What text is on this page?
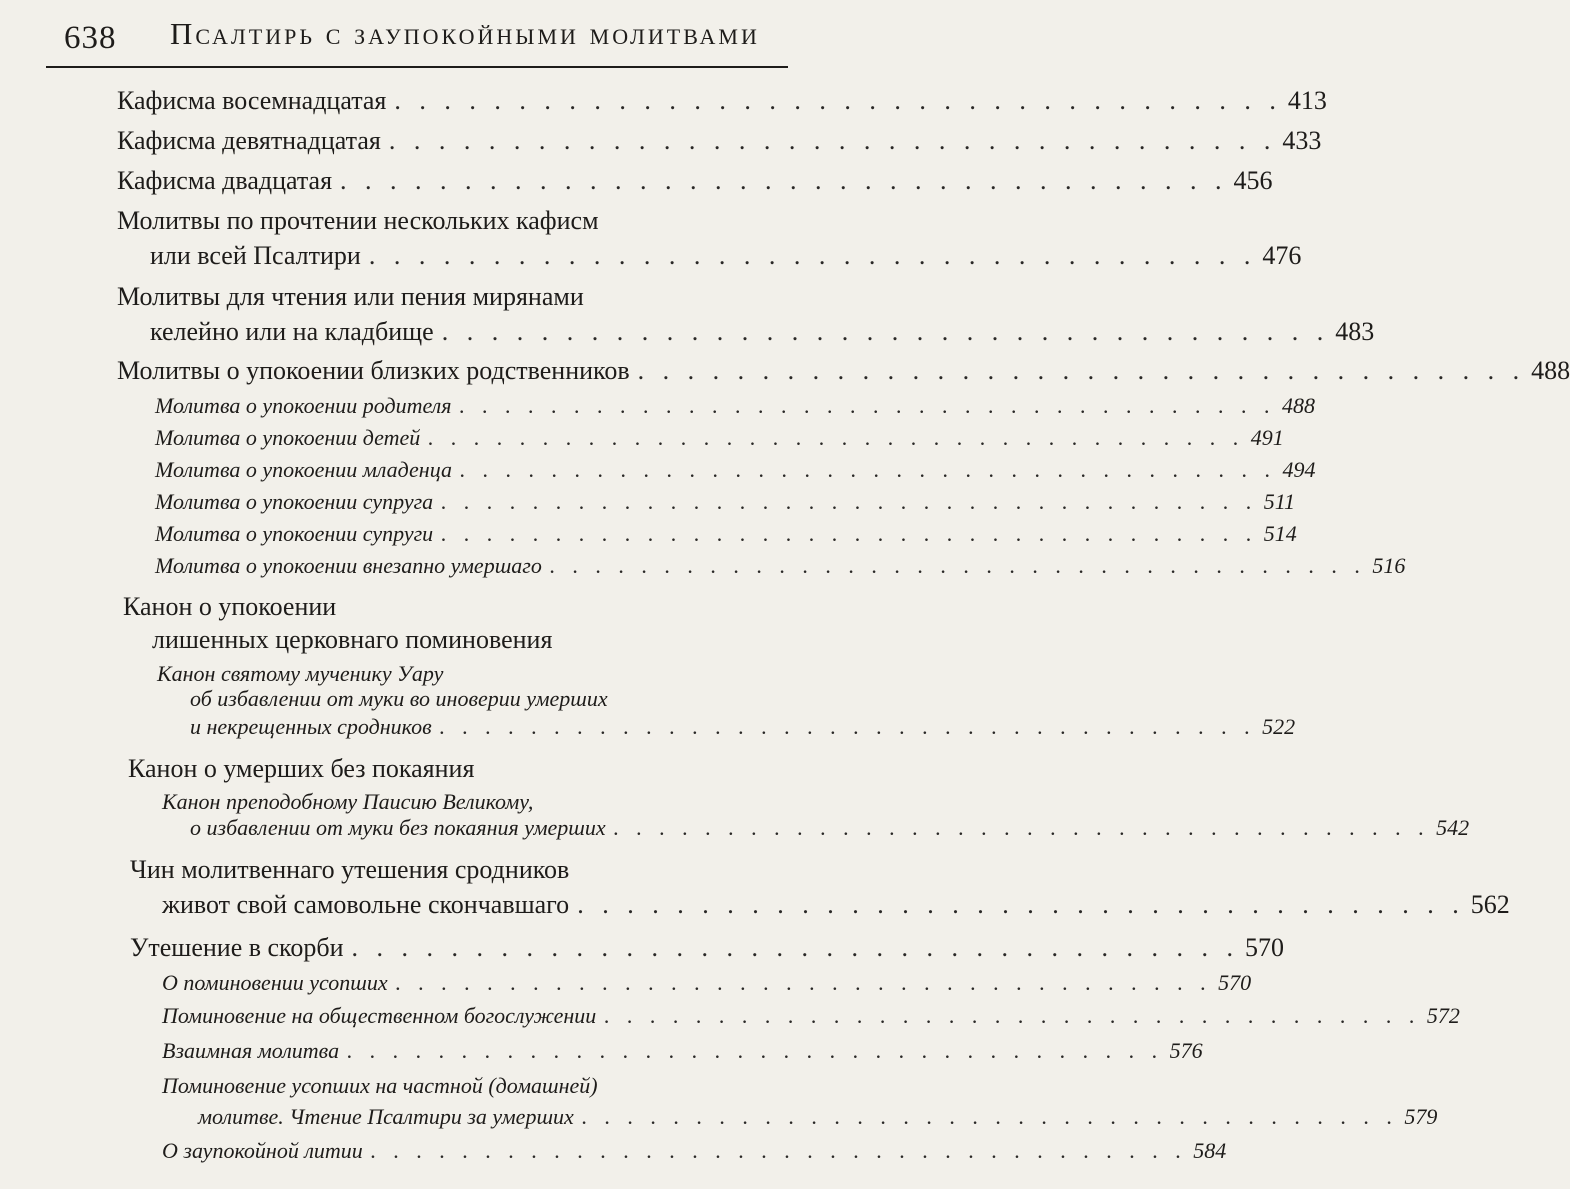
638 Псалтирь с заупокойными молитвами
Кафисма восемнадцатая . . . . . . . . . . . . . . . . . . . . . . . . . . . . . . . . . . . . 413
Кафисма девятнадцатая . . . . . . . . . . . . . . . . . . . . . . . . . . . . . . . . . . . . 433
Кафисма двадцатая . . . . . . . . . . . . . . . . . . . . . . . . . . . . . . . . . . . . 456
Молитвы по прочтении нескольких кафисм
или всей Псалтири . . . . . . . . . . . . . . . . . . . . . . . . . . . . . . . . . . . . 476
Молитвы для чтения или пения мирянами
келейно или на кладбище . . . . . . . . . . . . . . . . . . . . . . . . . . . . . . . . . . . . 483
Молитвы о упокоении близких родственников . . . . . . . . . . . . . . . . . . . . . . . . . . . . . . . . . . . . 488
Молитва о упокоении родителя . . . . . . . . . . . . . . . . . . . . . . . . . . . . . . . . . . . . 488
Молитва о упокоении детей . . . . . . . . . . . . . . . . . . . . . . . . . . . . . . . . . . . . 491
Молитва о упокоении младенца . . . . . . . . . . . . . . . . . . . . . . . . . . . . . . . . . . . . 494
Молитва о упокоении супруга . . . . . . . . . . . . . . . . . . . . . . . . . . . . . . . . . . . . 511
Молитва о упокоении супруги . . . . . . . . . . . . . . . . . . . . . . . . . . . . . . . . . . . . 514
Молитва о упокоении внезапно умершаго . . . . . . . . . . . . . . . . . . . . . . . . . . . . . . . . . . . . 516
Канон о упокоении
лишенных церковнаго поминовения
Канон святому мученику Уару
об избавлении от муки во иноверии умерших
и некрещенных сродников . . . . . . . . . . . . . . . . . . . . . . . . . . . . . . . . . . . . 522
Канон о умерших без покаяния
Канон преподобному Паисию Великому,
о избавлении от муки без покаяния умерших . . . . . . . . . . . . . . . . . . . . . . . . . . . . . . . . . . . . 542
Чин молитвеннаго утешения сродников
живот свой самовольне скончавшаго . . . . . . . . . . . . . . . . . . . . . . . . . . . . . . . . . . . . 562
Утешение в скорби . . . . . . . . . . . . . . . . . . . . . . . . . . . . . . . . . . . . 570
О поминовении усопших . . . . . . . . . . . . . . . . . . . . . . . . . . . . . . . . . . . . 570
Поминовение на общественном богослужении . . . . . . . . . . . . . . . . . . . . . . . . . . . . . . . . . . . . 572
Взаимная молитва . . . . . . . . . . . . . . . . . . . . . . . . . . . . . . . . . . . . 576
Поминовение усопших на частной (домашней)
молитве. Чтение Псалтири за умерших . . . . . . . . . . . . . . . . . . . . . . . . . . . . . . . . . . . . 579
О заупокойной литии . . . . . . . . . . . . . . . . . . . . . . . . . . . . . . . . . . . . 584
